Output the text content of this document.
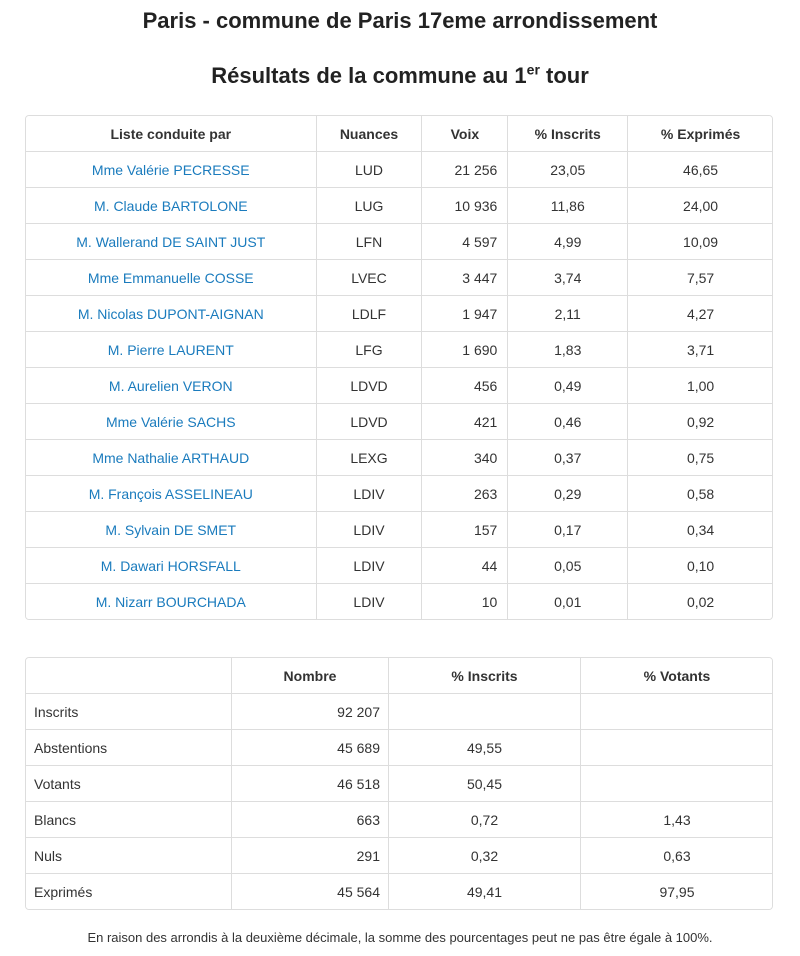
Paris - commune de Paris 17eme arrondissement
Résultats de la commune au 1er tour
Liste conduite par	Nuances	Voix	% Inscrits	% Exprimés
Mme Valérie PECRESSE	LUD	21 256	23,05	46,65
M. Claude BARTOLONE	LUG	10 936	11,86	24,00
M. Wallerand DE SAINT JUST	LFN	4 597	4,99	10,09
Mme Emmanuelle COSSE	LVEC	3 447	3,74	7,57
M. Nicolas DUPONT-AIGNAN	LDLF	1 947	2,11	4,27
M. Pierre LAURENT	LFG	1 690	1,83	3,71
M. Aurelien VERON	LDVD	456	0,49	1,00
Mme Valérie SACHS	LDVD	421	0,46	0,92
Mme Nathalie ARTHAUD	LEXG	340	0,37	0,75
M. François ASSELINEAU	LDIV	263	0,29	0,58
M. Sylvain DE SMET	LDIV	157	0,17	0,34
M. Dawari HORSFALL	LDIV	44	0,05	0,10
M. Nizarr BOURCHADA	LDIV	10	0,01	0,02
	Nombre	% Inscrits	% Votants
Inscrits	92 207		
Abstentions	45 689	49,55	
Votants	46 518	50,45	
Blancs	663	0,72	1,43
Nuls	291	0,32	0,63
Exprimés	45 564	49,41	97,95
En raison des arrondis à la deuxième décimale, la somme des pourcentages peut ne pas être égale à 100%.
